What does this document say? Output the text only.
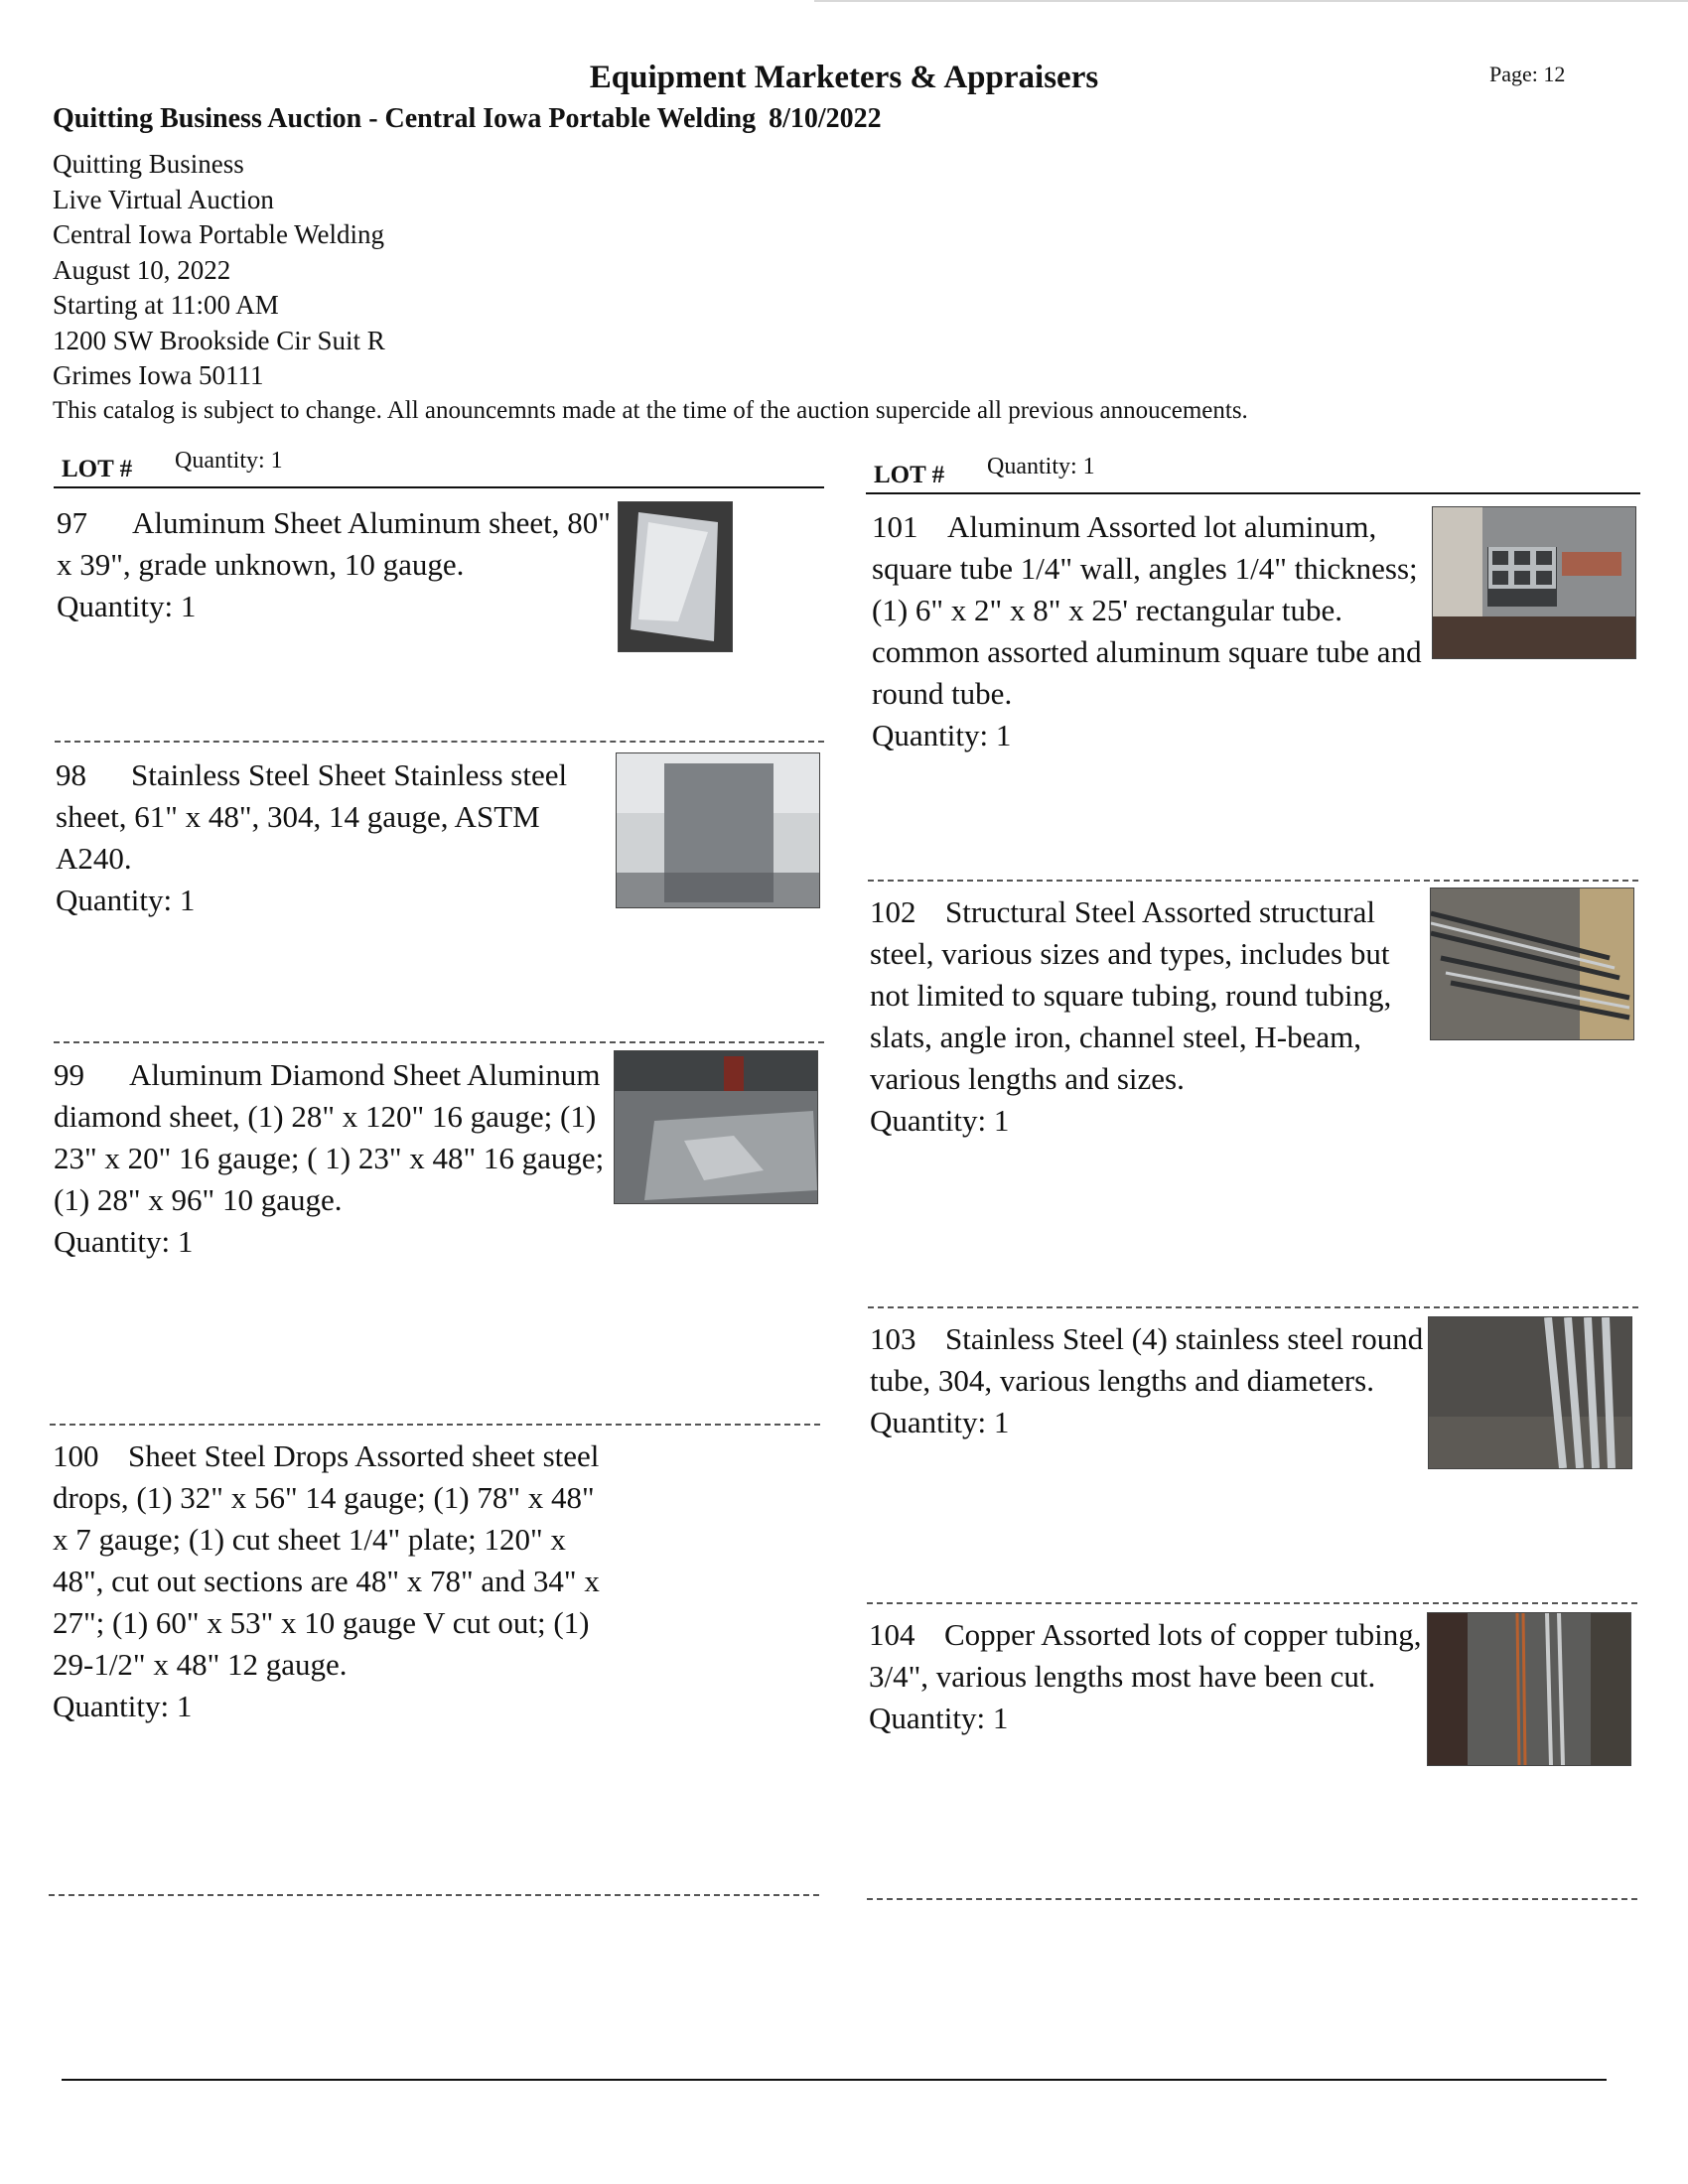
Equipment Marketers & Appraisers	Page: 12
Quitting Business Auction - Central Iowa Portable Welding 8/10/2022
Quitting Business
Live Virtual Auction
Central Iowa Portable Welding
August 10, 2022
Starting at 11:00 AM
1200 SW Brookside Cir Suit R
Grimes Iowa 50111
This catalog is subject to change. All anouncemnts made at the time of the auction supercide all previous annoucements.
LOT # Quantity: 1
LOT # Quantity: 1
97 Aluminum Sheet Aluminum sheet, 80" x 39", grade unknown, 10 gauge.
Quantity: 1
98 Stainless Steel Sheet Stainless steel sheet, 61" x 48", 304, 14 gauge, ASTM A240.
Quantity: 1
99 Aluminum Diamond Sheet Aluminum diamond sheet, (1) 28" x 120" 16 gauge; (1) 23" x 20" 16 gauge; ( 1) 23" x 48" 16 gauge; (1) 28" x 96" 10 gauge.
Quantity: 1
100 Sheet Steel Drops Assorted sheet steel drops, (1) 32" x 56" 14 gauge; (1) 78" x 48" x 7 gauge; (1) cut sheet 1/4" plate; 120" x 48", cut out sections are 48" x 78" and 34" x 27"; (1) 60" x 53" x 10 gauge V cut out; (1) 29-1/2" x 48" 12 gauge.
Quantity: 1
101 Aluminum Assorted lot aluminum, square tube 1/4" wall, angles 1/4" thickness; (1) 6" x 2" x 8" x 25' rectangular tube. common assorted aluminum square tube and round tube.
Quantity: 1
102 Structural Steel Assorted structural steel, various sizes and types, includes but not limited to square tubing, round tubing, slats, angle iron, channel steel, H-beam, various lengths and sizes.
Quantity: 1
103 Stainless Steel (4) stainless steel round tube, 304, various lengths and diameters.
Quantity: 1
104 Copper Assorted lots of copper tubing, 3/4", various lengths most have been cut.
Quantity: 1
